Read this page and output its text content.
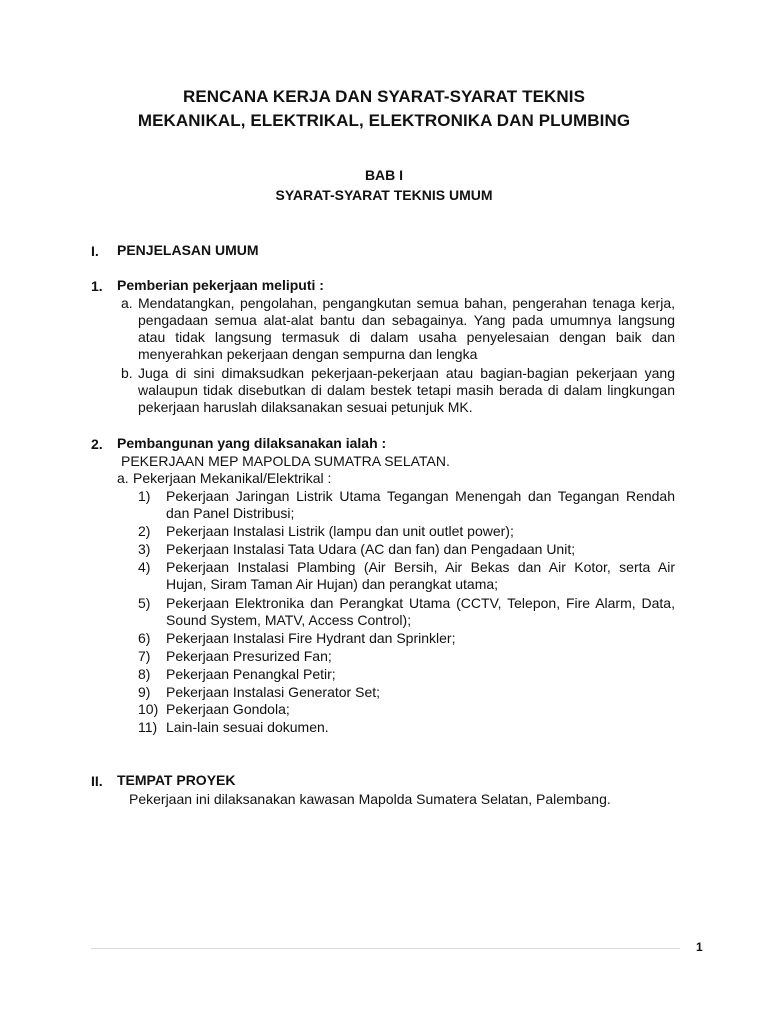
RENCANA KERJA DAN SYARAT-SYARAT TEKNIS
MEKANIKAL, ELEKTRIKAL, ELEKTRONIKA DAN PLUMBING
BAB I
SYARAT-SYARAT TEKNIS UMUM
I. PENJELASAN UMUM
1. Pemberian pekerjaan meliputi :
a. Mendatangkan, pengolahan, pengangkutan semua bahan, pengerahan tenaga kerja,
pengadaan semua alat-alat bantu dan sebagainya. Yang pada umumnya langsung
atau tidak langsung termasuk di dalam usaha penyelesaian dengan baik dan
menyerahkan pekerjaan dengan sempurna dan lengka
b. Juga di sini dimaksudkan pekerjaan-pekerjaan atau bagian-bagian pekerjaan yang
walaupun tidak disebutkan di dalam bestek tetapi masih berada di dalam lingkungan
pekerjaan haruslah dilaksanakan sesuai petunjuk MK.
2. Pembangunan yang dilaksanakan ialah :
PEKERJAAN MEP MAPOLDA SUMATRA SELATAN.
a. Pekerjaan Mekanikal/Elektrikal :
1) Pekerjaan Jaringan Listrik Utama Tegangan Menengah dan Tegangan Rendah
dan Panel Distribusi;
2) Pekerjaan Instalasi Listrik (lampu dan unit outlet power);
3) Pekerjaan Instalasi Tata Udara (AC dan fan) dan Pengadaan Unit;
4) Pekerjaan Instalasi Plambing (Air Bersih, Air Bekas dan Air Kotor, serta Air
Hujan, Siram Taman Air Hujan) dan perangkat utama;
5) Pekerjaan Elektronika dan Perangkat Utama (CCTV, Telepon, Fire Alarm, Data,
Sound System, MATV, Access Control);
6) Pekerjaan Instalasi Fire Hydrant dan Sprinkler;
7) Pekerjaan Presurized Fan;
8) Pekerjaan Penangkal Petir;
9) Pekerjaan Instalasi Generator Set;
10) Pekerjaan Gondola;
11) Lain-lain sesuai dokumen.
II. TEMPAT PROYEK
Pekerjaan ini dilaksanakan kawasan Mapolda Sumatera Selatan, Palembang.
1
